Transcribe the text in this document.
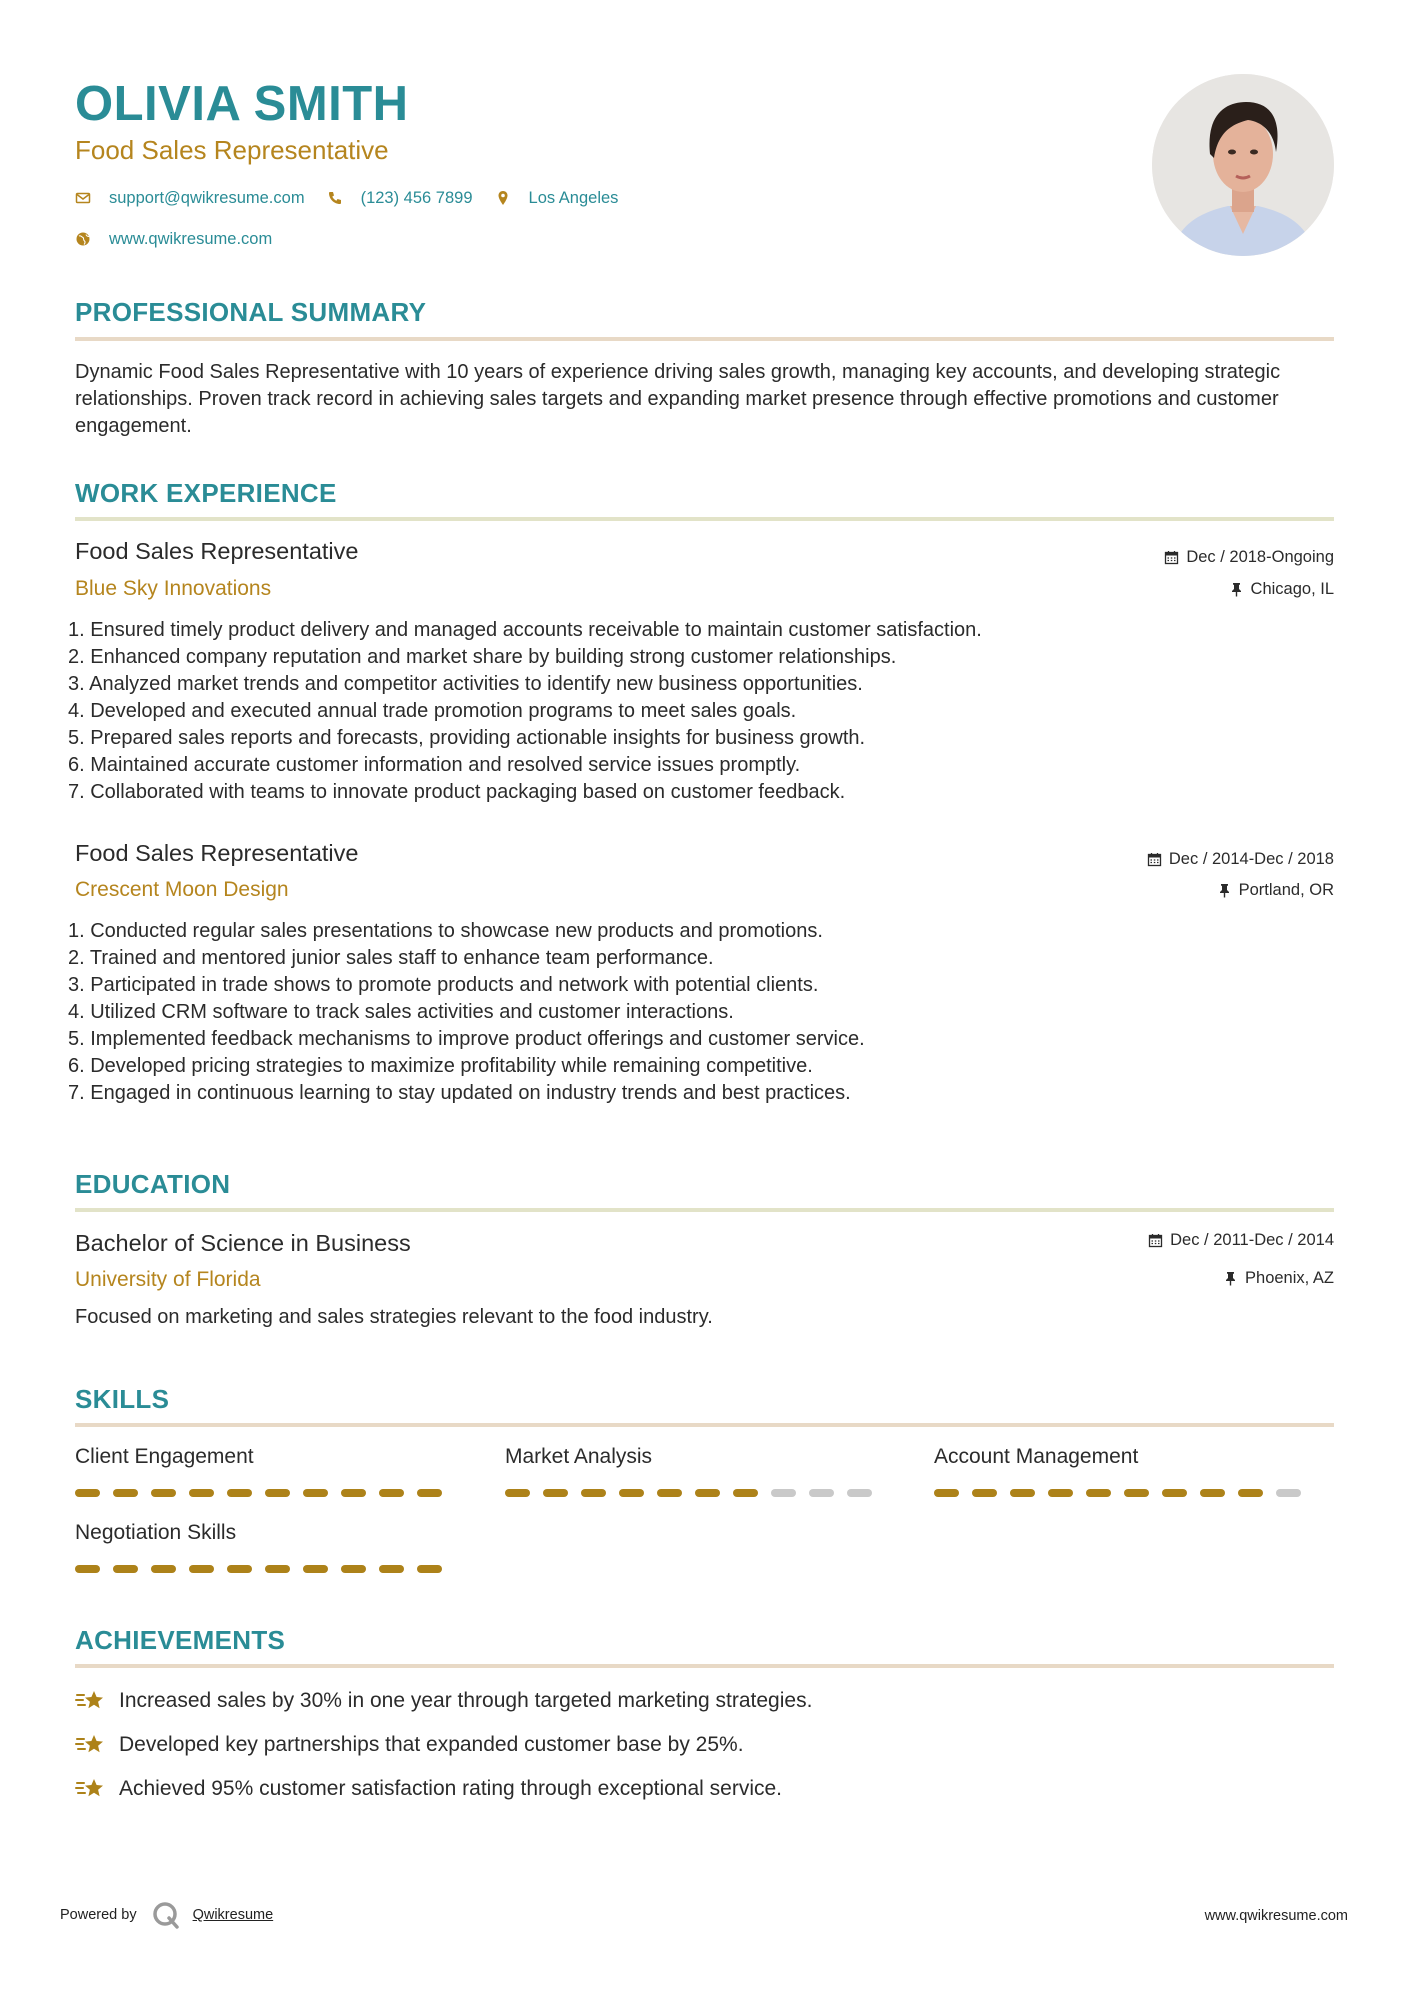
OLIVIA SMITH
Food Sales Representative
support@qwikresume.com	(123) 456 7899	Los Angeles
www.qwikresume.com
PROFESSIONAL SUMMARY
Dynamic Food Sales Representative with 10 years of experience driving sales growth, managing key accounts, and developing strategic relationships. Proven track record in achieving sales targets and expanding market presence through effective promotions and customer engagement.
WORK EXPERIENCE
Food Sales Representative	Dec / 2018-Ongoing
Blue Sky Innovations	Chicago, IL
1. Ensured timely product delivery and managed accounts receivable to maintain customer satisfaction.
2. Enhanced company reputation and market share by building strong customer relationships.
3. Analyzed market trends and competitor activities to identify new business opportunities.
4. Developed and executed annual trade promotion programs to meet sales goals.
5. Prepared sales reports and forecasts, providing actionable insights for business growth.
6. Maintained accurate customer information and resolved service issues promptly.
7. Collaborated with teams to innovate product packaging based on customer feedback.
Food Sales Representative	Dec / 2014-Dec / 2018
Crescent Moon Design	Portland, OR
1. Conducted regular sales presentations to showcase new products and promotions.
2. Trained and mentored junior sales staff to enhance team performance.
3. Participated in trade shows to promote products and network with potential clients.
4. Utilized CRM software to track sales activities and customer interactions.
5. Implemented feedback mechanisms to improve product offerings and customer service.
6. Developed pricing strategies to maximize profitability while remaining competitive.
7. Engaged in continuous learning to stay updated on industry trends and best practices.
EDUCATION
Bachelor of Science in Business	Dec / 2011-Dec / 2014
University of Florida	Phoenix, AZ
Focused on marketing and sales strategies relevant to the food industry.
SKILLS
Client Engagement	Market Analysis	Account Management
Negotiation Skills
ACHIEVEMENTS
Increased sales by 30% in one year through targeted marketing strategies.
Developed key partnerships that expanded customer base by 25%.
Achieved 95% customer satisfaction rating through exceptional service.
Powered by	Qwikresume	www.qwikresume.com
